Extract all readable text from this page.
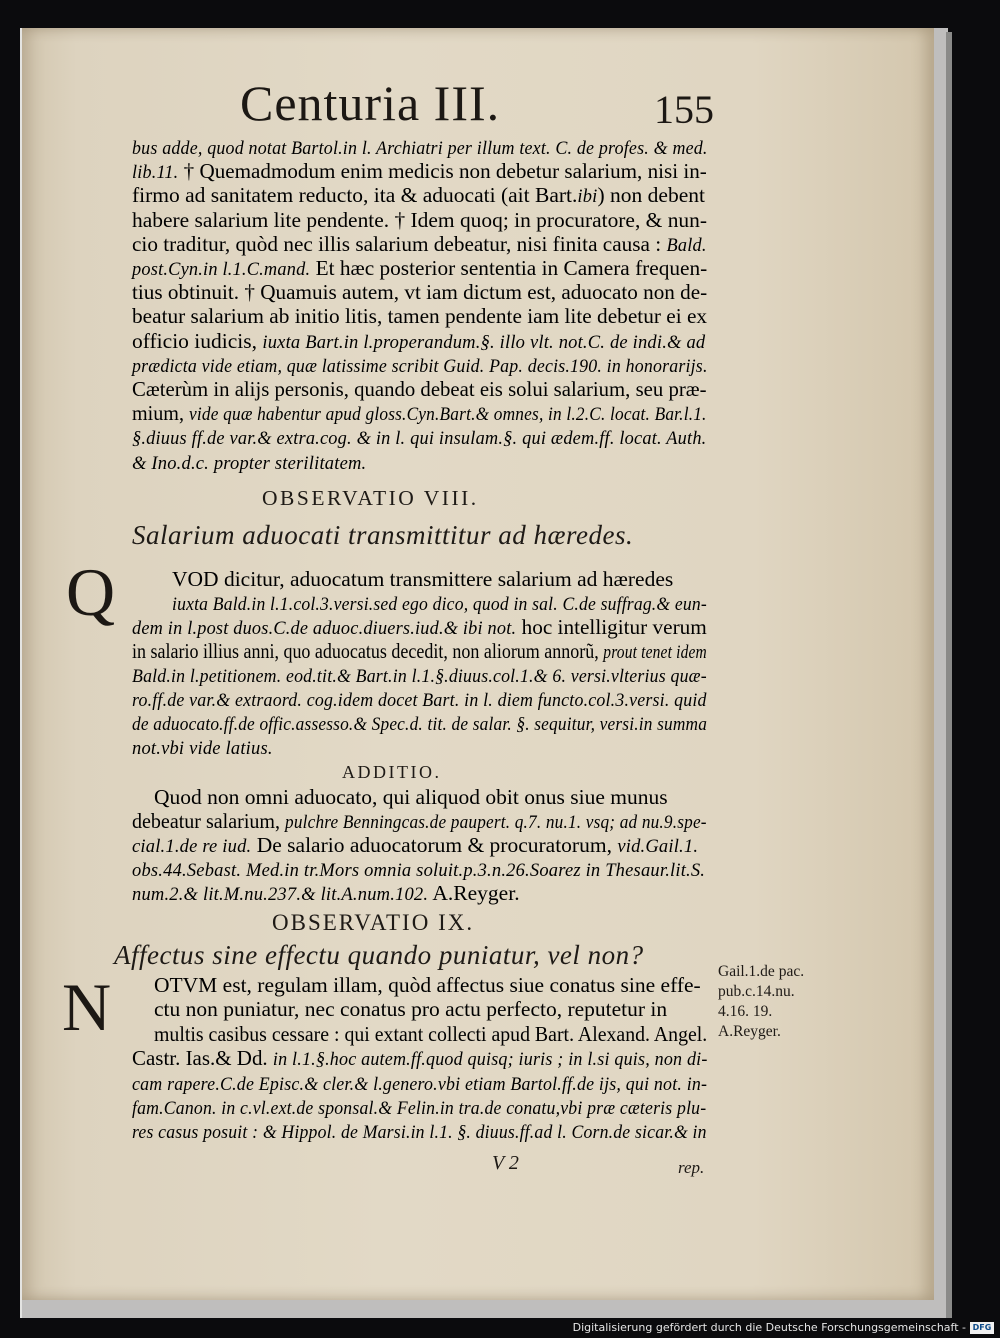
Centuria III.	155
bus adde, quod notat Bartol.in l. Archiatri per illum text. C. de profes. & med.
lib.11. † Quemadmodum enim medicis non debetur salarium, nisi in-
firmo ad sanitatem reducto, ita & aduocati (ait Bart.ibi) non debent
habere salarium lite pendente. † Idem quoq; in procuratore, & nun-
cio traditur, quòd nec illis salarium debeatur, nisi finita causa : Bald.
post.Cyn.in l.1.C.mand. Et hæc posterior sententia in Camera frequen-
tius obtinuit. † Quamuis autem, vt iam dictum est, aduocato non de-
beatur salarium ab initio litis, tamen pendente iam lite debetur ei ex
officio iudicis, iuxta Bart.in l.properandum.§. illo vlt. not.C. de indi.& ad
prædicta vide etiam, quæ latissime scribit Guid. Pap. decis.190. in honorarijs.
Cæterùm in alijs personis, quando debeat eis solui salarium, seu præ-
mium, vide quæ habentur apud gloss.Cyn.Bart.& omnes, in l.2.C. locat. Bar.l.1.
§.diuus ff.de var.& extra.cog. & in l. qui insulam.§. qui ædem.ff. locat. Auth.
& Ino.d.c. propter sterilitatem.
OBSERVATIO VIII.
Salarium aduocati transmittitur ad hæredes.
Q	VOD dicitur, aduocatum transmittere salarium ad hæredes
iuxta Bald.in l.1.col.3.versi.sed ego dico, quod in sal. C.de suffrag.& eun-
dem in l.post duos.C.de aduoc.diuers.iud.& ibi not. hoc intelligitur verum
in salario illius anni, quo aduocatus decedit, non aliorum annorũ, prout tenet idem
Bald.in l.petitionem. eod.tit.& Bart.in l.1.§.diuus.col.1.& 6. versi.vlterius quæ-
ro.ff.de var.& extraord. cog.idem docet Bart. in l. diem functo.col.3.versi. quid
de aduocato.ff.de offic.assesso.& Spec.d. tit. de salar. §. sequitur, versi.in summa
not.vbi vide latius.
ADDITIO.
Quod non omni aduocato, qui aliquod obit onus siue munus
debeatur salarium, pulchre Benningcas.de paupert. q.7. nu.1. vsq; ad nu.9.spe-
cial.1.de re iud. De salario aduocatorum & procuratorum, vid.Gail.1.
obs.44.Sebast. Med.in tr.Mors omnia soluit.p.3.n.26.Soarez in Thesaur.lit.S.
num.2.& lit.M.nu.237.& lit.A.num.102. A.Reyger.
OBSERVATIO IX.
Affectus sine effectu quando puniatur, vel non?
N OTVM est, regulam illam, quòd affectus siue conatus sine effe-
ctu non puniatur, nec conatus pro actu perfecto, reputetur in
multis casibus cessare : qui extant collecti apud Bart. Alexand. Angel.
Castr. Ias.& Dd. in l.1.§.hoc autem.ff.quod quisq; iuris ; in l.si quis, non di-
cam rapere.C.de Episc.& cler.& l.genero.vbi etiam Bartol.ff.de ijs, qui not. in-
fam.Canon. in c.vl.ext.de sponsal.& Felin.in tra.de conatu,vbi præ cæteris plu-
res casus posuit : & Hippol. de Marsi.in l.1. §. diuus.ff.ad l. Corn.de sicar.& in
Gail.1.de pac.
pub.c.14.nu.
4.16. 19.
A.Reyger.
V 2	rep.
Digitalisierung gefördert durch die Deutsche Forschungsgemeinschaft - DFG
